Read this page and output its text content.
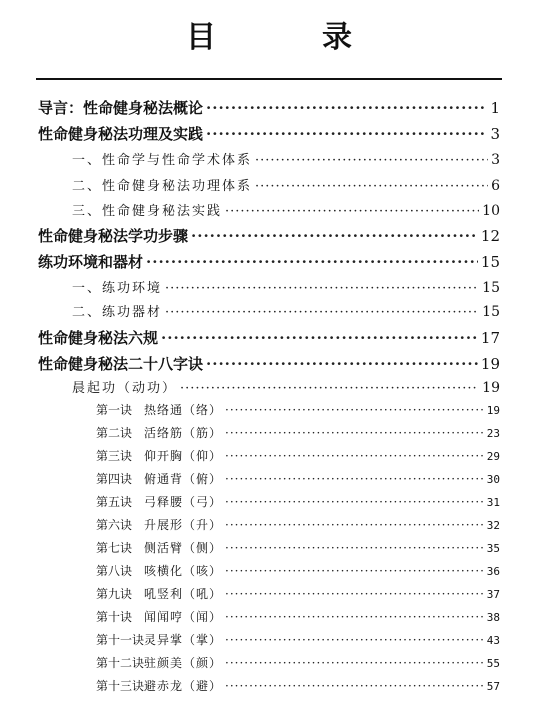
目　录
导言：性命健身秘法概论 ·····	1
性命健身秘法功理及实践 ·····	3
一、性命学与性命学术体系 ·····	3
二、性命健身秘法功理体系 ·····	6
三、性命健身秘法实践 ·····	10
性命健身秘法学功步骤 ·····	12
练功环境和器材 ·····	15
一、练功环境 ·····	15
二、练功器材 ·····	15
性命健身秘法六规 ·····	17
性命健身秘法二十八字诀 ·····	19
晨起功（动功） ·····	19
第一诀 热络通（络） ·····	19
第二诀 活络筋（筋） ·····	23
第三诀 仰开胸（仰） ·····	29
第四诀 俯通背（俯） ·····	30
第五诀 弓释腰（弓） ·····	31
第六诀 升展形（升） ·····	32
第七诀 侧活臂（侧） ·····	35
第八诀 咳横化（咳） ·····	36
第九诀 吼竖利（吼） ·····	37
第十诀 闻闻哼（闻） ·····	38
第十一诀灵异掌（掌） ·····	43
第十二诀驻颜美（颜） ·····	55
第十三诀避赤龙（避） ·····	57
